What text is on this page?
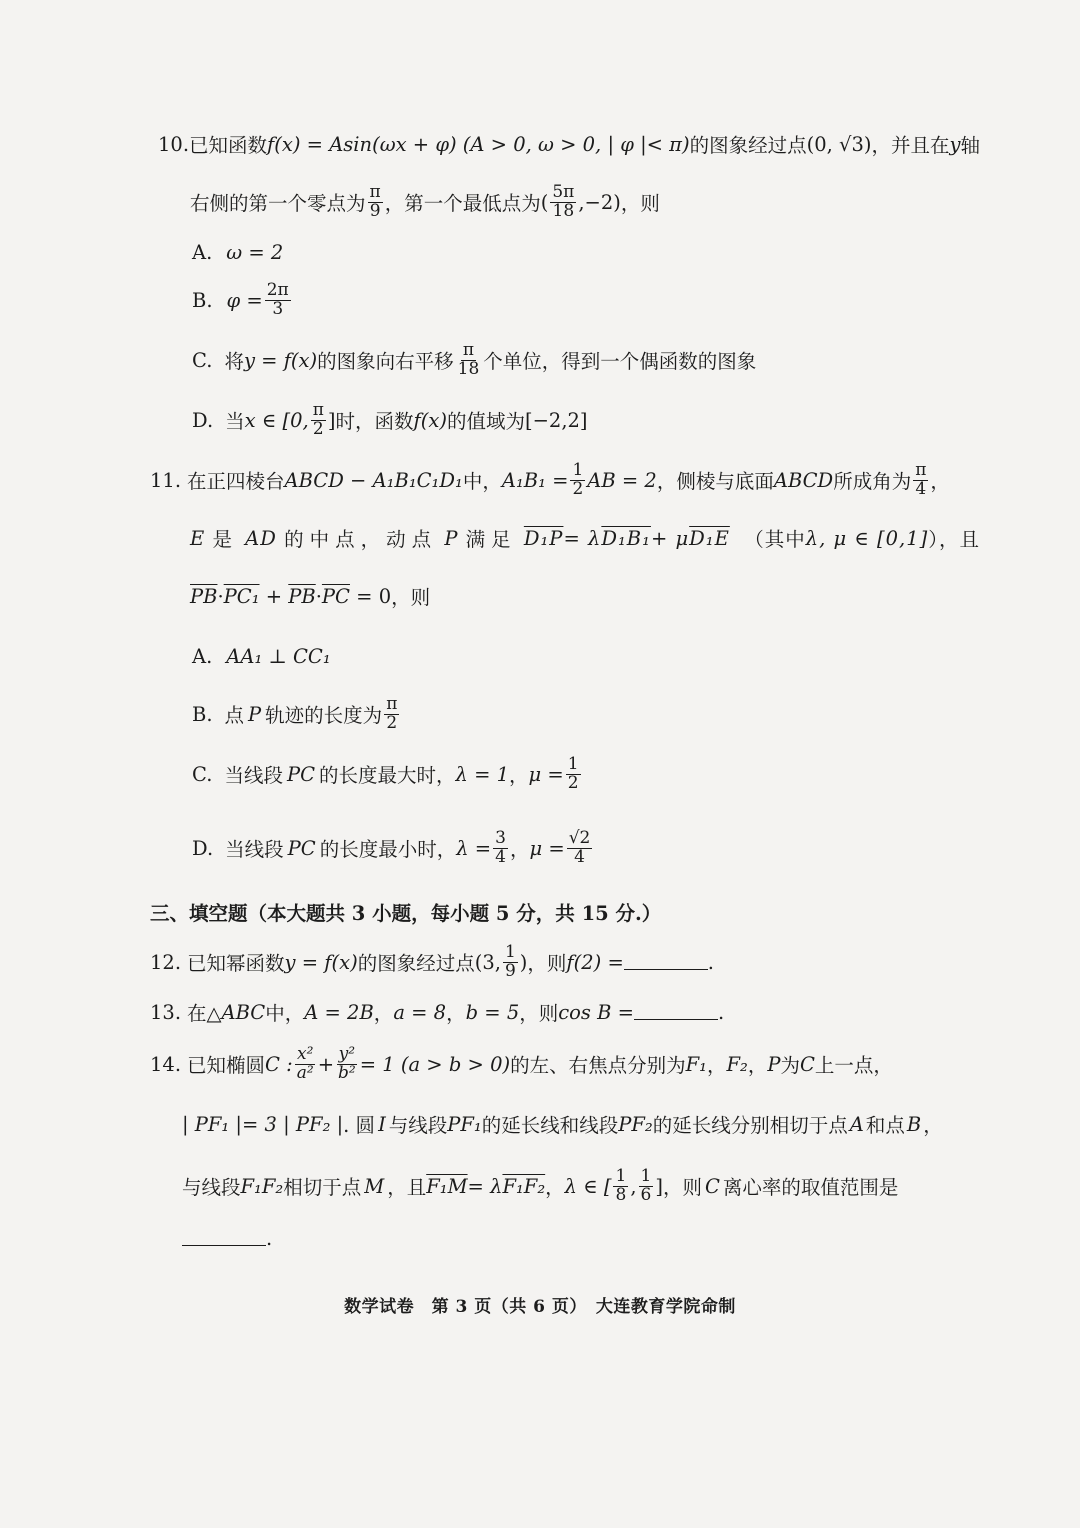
10. 已知函数 f(x) = Asin(ωx + φ) (A > 0, ω > 0, | φ |< π) 的图象经过点 (0, √3) ，并且在 y 轴
右侧的第一个零点为 $\frac{\pi}{9}$ ，第一个最低点为 ( $\frac{5\pi}{18} ,-2$) ，则
A. ω = 2
B. $\varphi = \frac{2\pi}{3}$
C. 将 y = f(x) 的图象向右平移 $\frac{\pi}{18}$ 个单位，得到一个偶函数的图象
D. 当 x ∈ [0, $\frac{\pi}{2}$ ] 时，函数 f(x) 的值域为 [−2,2]
11. 在正四棱台 ABCD − A₁B₁C₁D₁ 中， $A_1B_1 = \frac{1}{2}$ AB = 2 ，侧棱与底面 ABCD 所成角为 $\frac{\pi}{4}$ ，
E
是
AD
的中点，动点
P
满足
D₁P = λ D₁B₁ + μ D₁E
（其中 λ, μ ∈ [0,1] ），且
$\overline{PB} \cdot PC_1 + \overline{PB} \cdot \overline{PC}$
= 0 ，则
A. AA₁ ⊥ CC₁
B. 点 P 轨迹的长度为 $\frac{\pi}{2}$
C. 当线段 PC 的长度最大时， λ = 1 ， $\mu = \frac{1}{2}$
D. 当线段 PC 的长度最小时， $\lambda = \frac{3}{4}$ ， $\mu = \frac{√2}{4}$
三、填空题（本大题共 3 小题，每小题 5 分，共 15 分.）
12. 已知幂函数 y = f(x) 的图象经过点 (3, $\frac{1}{9}$ ) ，则 f(2) =	.
13. 在△ ABC 中， A = 2B ， a = 8 ， b = 5 ，则 cos B =	.
14. 已知椭圆 C : $\frac{\text{x²}}{\text{a²}} + \frac{\text{y²}}{\text{b²}} = 1$ (a > b > 0) 的左、右焦点分别为 F₁ ， F₂ ， P 为 C 上一点，
| PF₁ |= 3 | PF₂ | . 圆 I 与线段 PF₁ 的延长线和线段 PF₂ 的延长线分别相切于点 A 和点 B ，
与线段 F₁F₂ 相切于点 M ，且 F₁M = λ F₁F₂ ， λ ∈ [ $\frac{1}{8}$ , $\frac{1}{6}$ ] ，则 C 离心率的取值范围是
.
数学试卷　第 3 页（共 6 页）　大连教育学院命制
